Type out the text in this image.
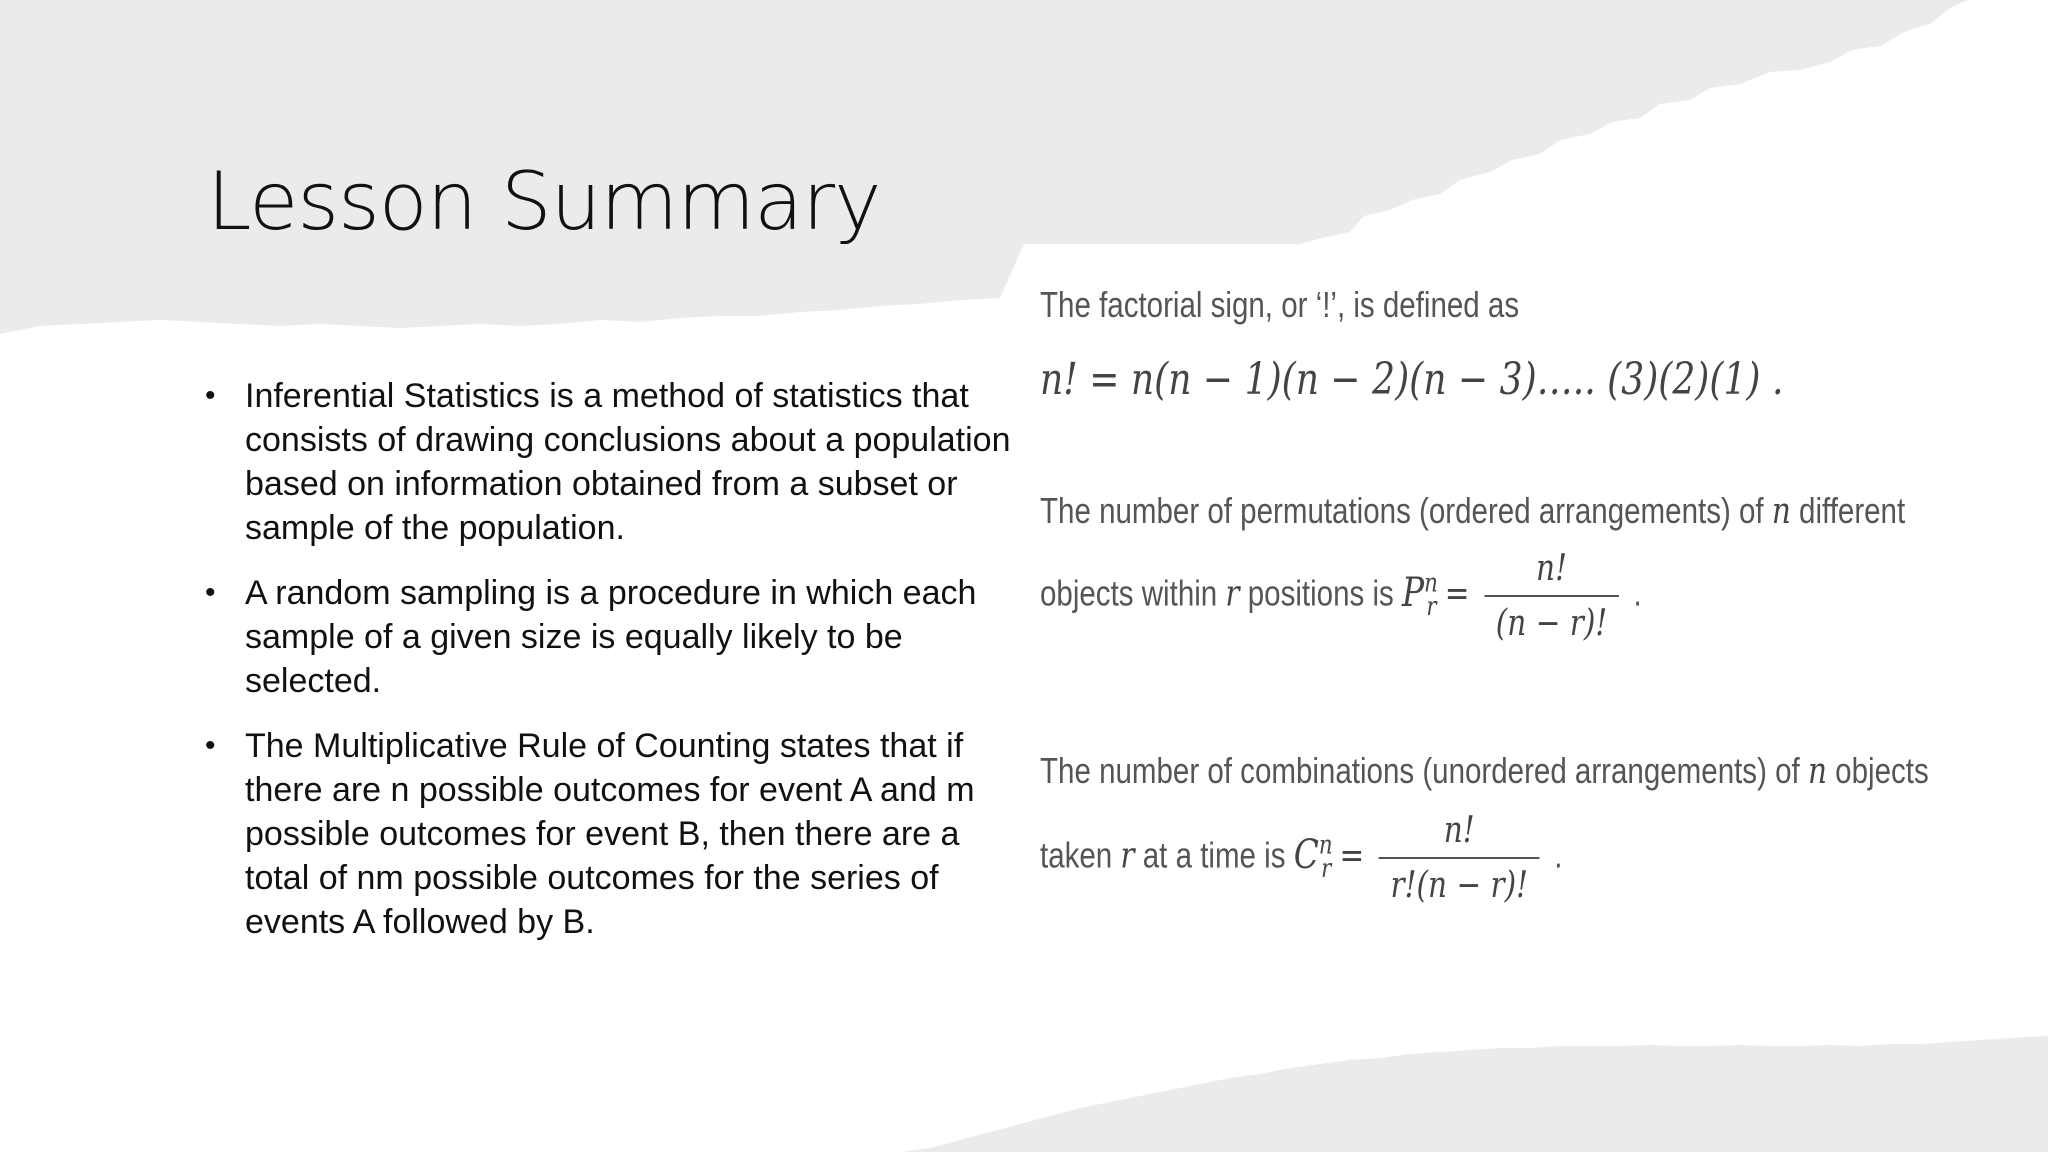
Lesson Summary
• Inferential Statistics is a method of statistics that consists of drawing conclusions about a population based on information obtained from a subset or sample of the population.
• A random sampling is a procedure in which each sample of a given size is equally likely to be selected.
• The Multiplicative Rule of Counting states that if there are n possible outcomes for event A and m possible outcomes for event B, then there are a total of nm possible outcomes for the series of events A followed by B.
The factorial sign, or ‘!’, is defined as
n! = n(n − 1)(n − 2)(n − 3)….. (3)(2)(1) .
The number of permutations (ordered arrangements) of n different
objects within r positions is $P^n_r = \frac{n!}{(n - r)!}$ .
The number of combinations (unordered arrangements) of n objects
taken r at a time is $C^n_r = \frac{n!}{r!(n - r)!}$ .
